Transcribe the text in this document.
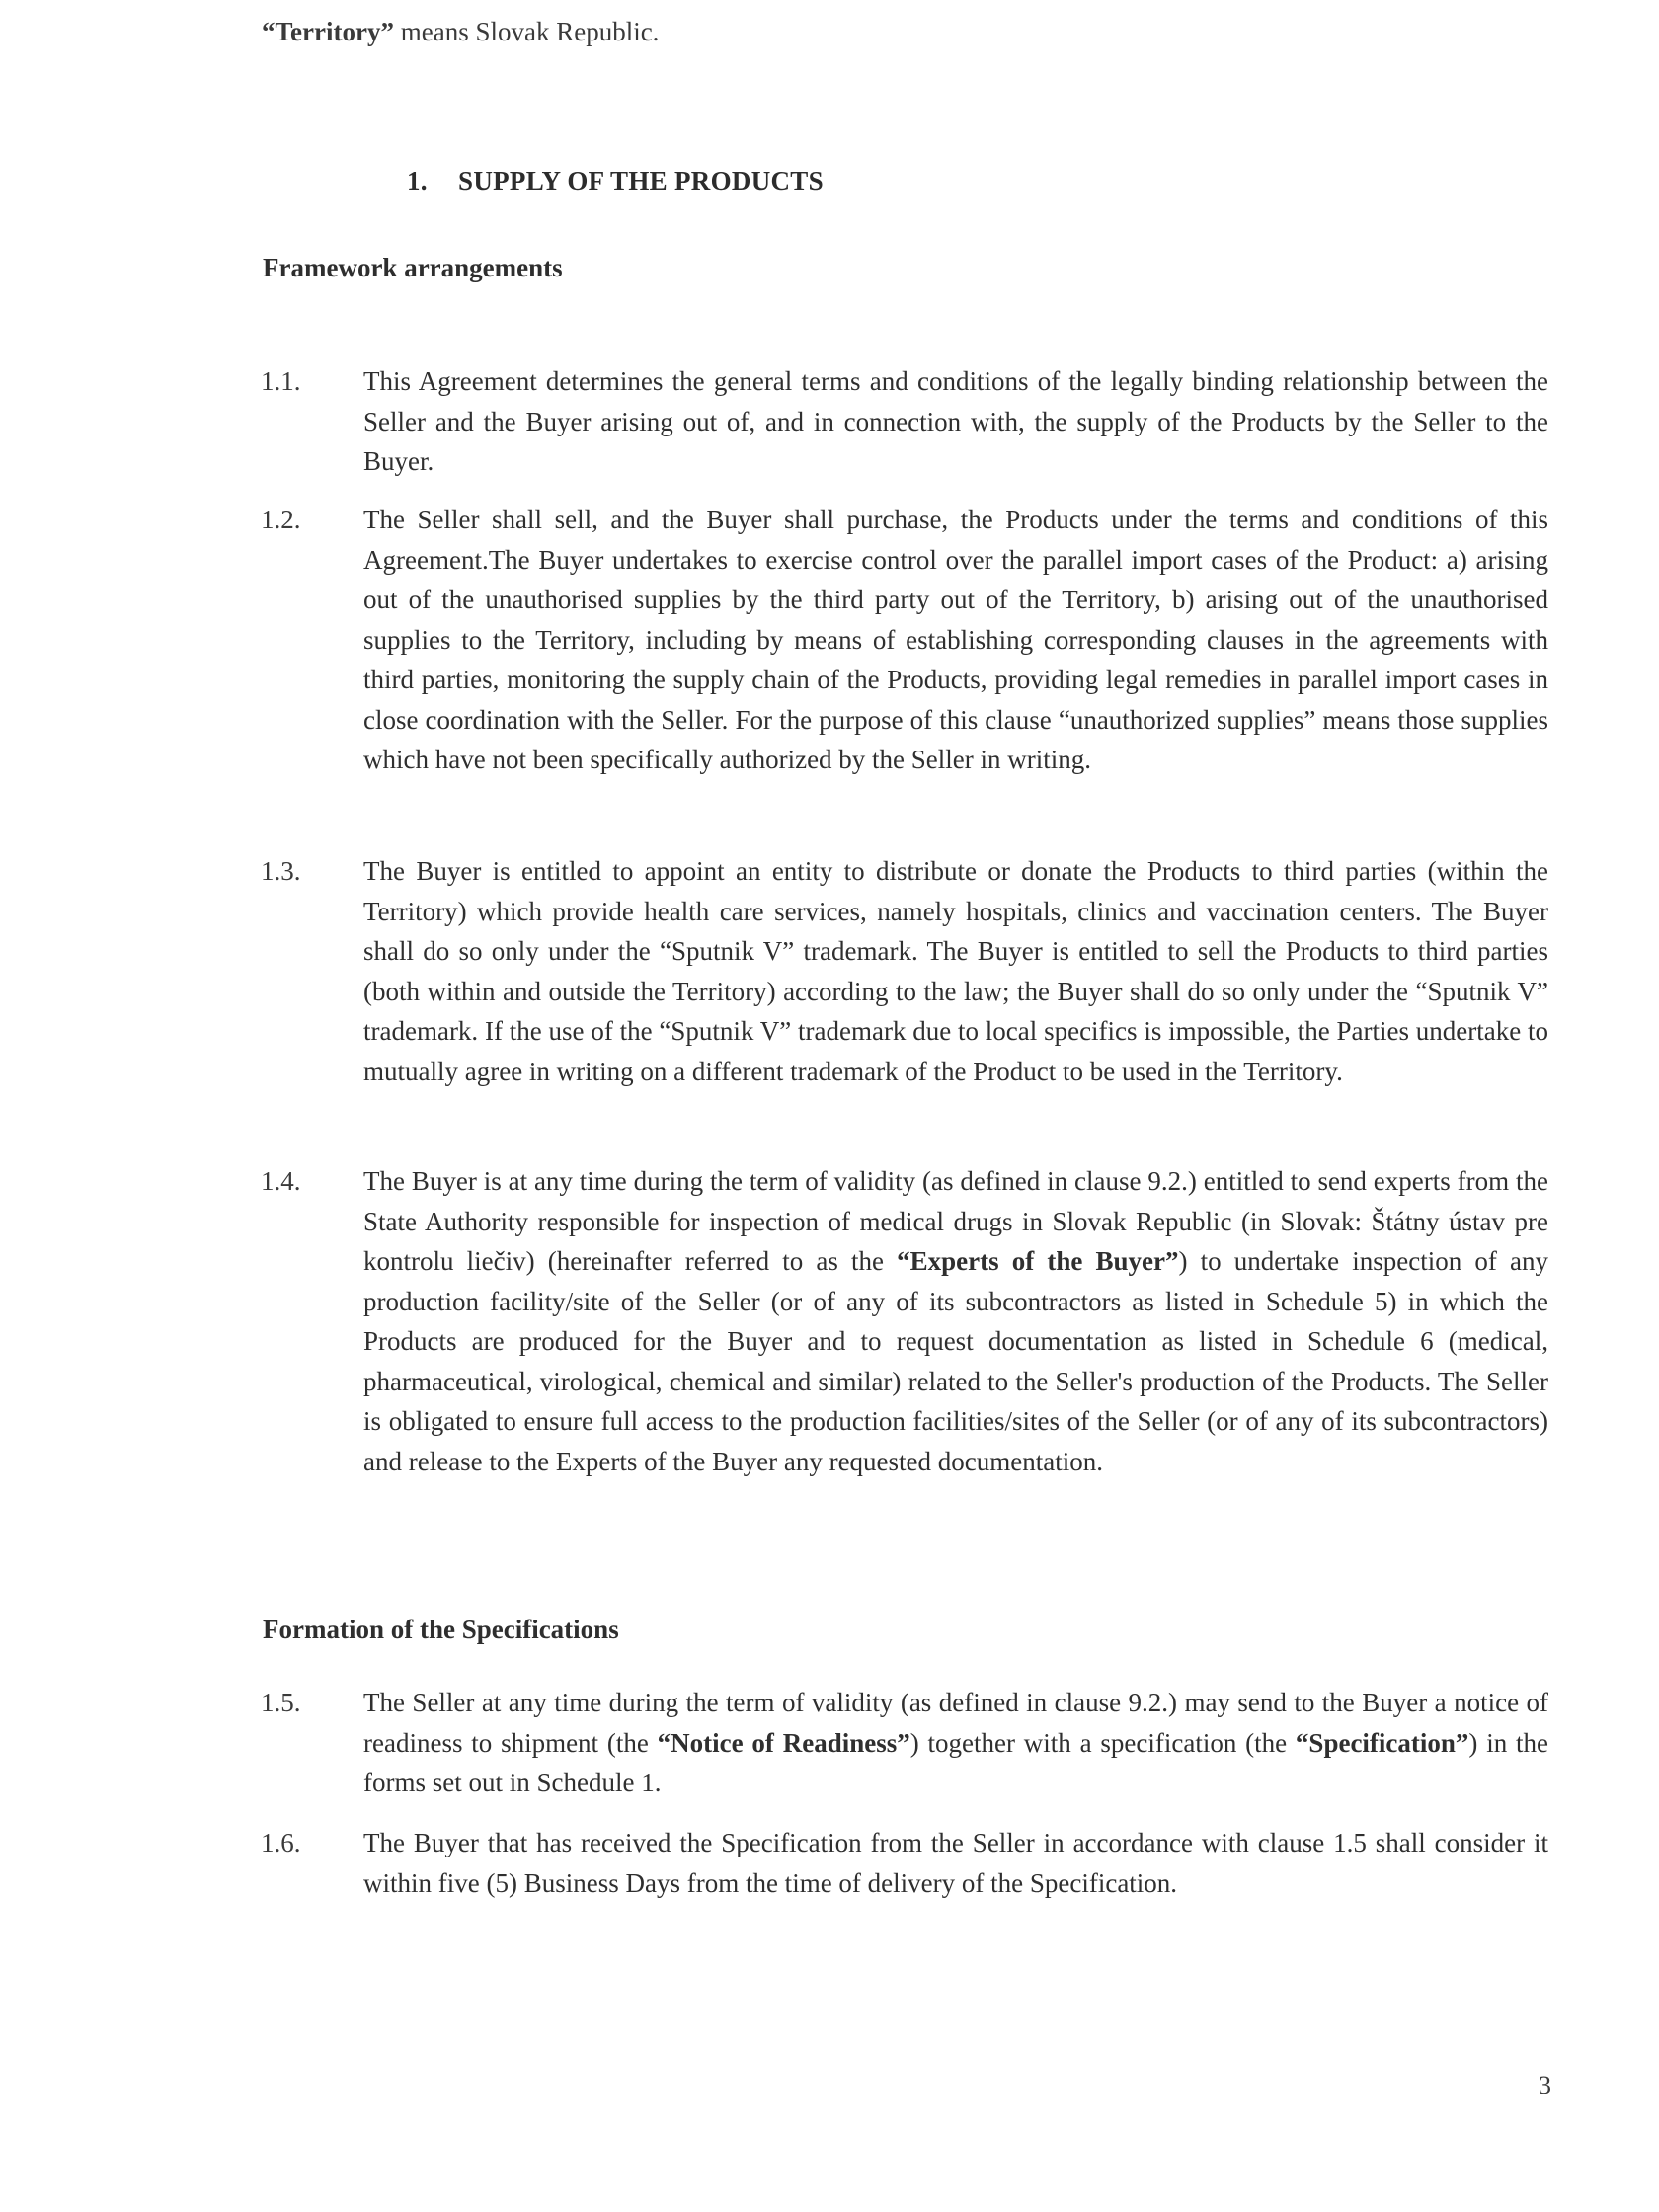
“Territory” means Slovak Republic.
1. SUPPLY OF THE PRODUCTS
Framework arrangements
1.1. This Agreement determines the general terms and conditions of the legally binding relationship between the Seller and the Buyer arising out of, and in connection with, the supply of the Products by the Seller to the Buyer.
1.2. The Seller shall sell, and the Buyer shall purchase, the Products under the terms and conditions of this Agreement.The Buyer undertakes to exercise control over the parallel import cases of the Product: a) arising out of the unauthorised supplies by the third party out of the Territory, b) arising out of the unauthorised supplies to the Territory, including by means of establishing corresponding clauses in the agreements with third parties, monitoring the supply chain of the Products, providing legal remedies in parallel import cases in close coordination with the Seller. For the purpose of this clause “unauthorized supplies” means those supplies which have not been specifically authorized by the Seller in writing.
1.3. The Buyer is entitled to appoint an entity to distribute or donate the Products to third parties (within the Territory) which provide health care services, namely hospitals, clinics and vaccination centers. The Buyer shall do so only under the “Sputnik V” trademark. The Buyer is entitled to sell the Products to third parties (both within and outside the Territory) according to the law; the Buyer shall do so only under the “Sputnik V” trademark. If the use of the “Sputnik V” trademark due to local specifics is impossible, the Parties undertake to mutually agree in writing on a different trademark of the Product to be used in the Territory.
1.4. The Buyer is at any time during the term of validity (as defined in clause 9.2.) entitled to send experts from the State Authority responsible for inspection of medical drugs in Slovak Republic (in Slovak: Štátny ústav pre kontrolu liečiv) (hereinafter referred to as the “Experts of the Buyer”) to undertake inspection of any production facility/site of the Seller (or of any of its subcontractors as listed in Schedule 5) in which the Products are produced for the Buyer and to request documentation as listed in Schedule 6 (medical, pharmaceutical, virological, chemical and similar) related to the Seller's production of the Products. The Seller is obligated to ensure full access to the production facilities/sites of the Seller (or of any of its subcontractors) and release to the Experts of the Buyer any requested documentation.
Formation of the Specifications
1.5. The Seller at any time during the term of validity (as defined in clause 9.2.) may send to the Buyer a notice of readiness to shipment (the “Notice of Readiness”) together with a specification (the “Specification”) in the forms set out in Schedule 1.
1.6. The Buyer that has received the Specification from the Seller in accordance with clause 1.5 shall consider it within five (5) Business Days from the time of delivery of the Specification.
3
